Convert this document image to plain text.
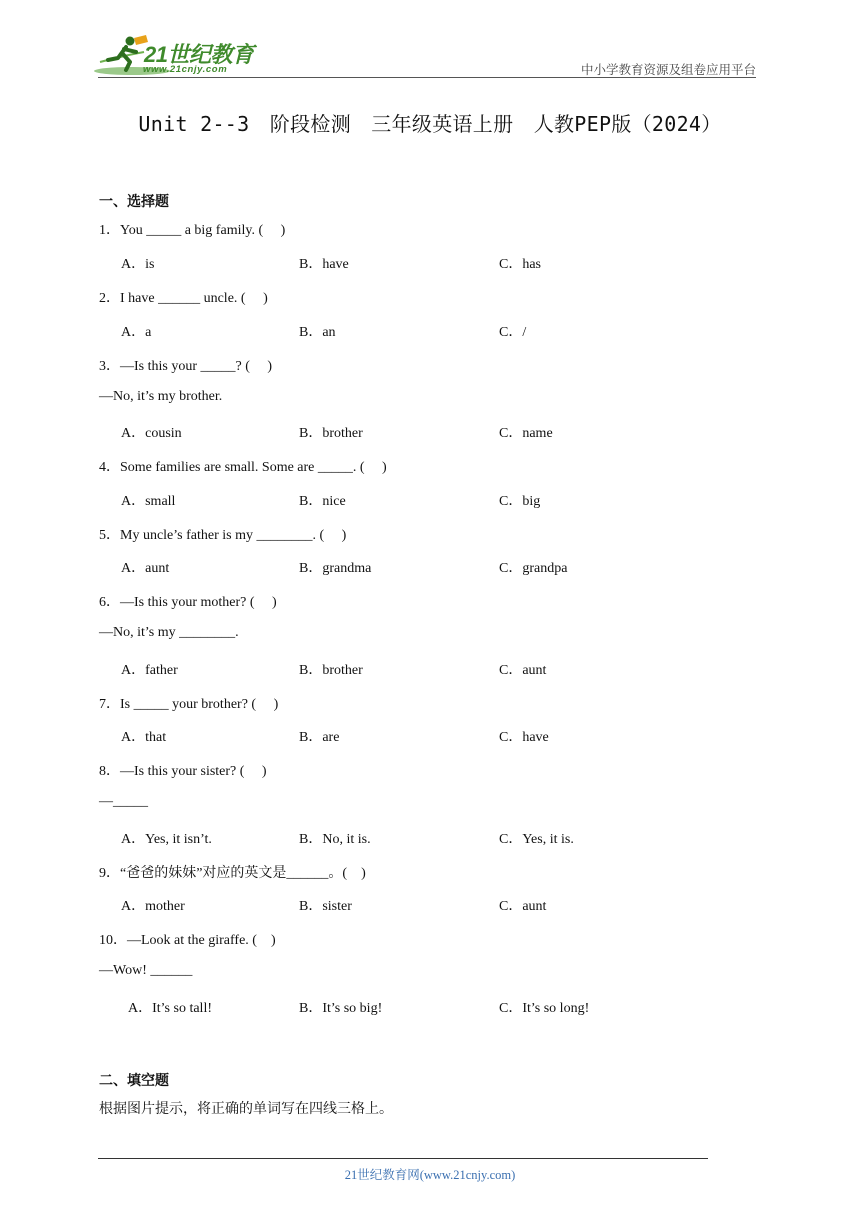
21世纪教育
www.21cnjy.com	中小学教育资源及组卷应用平台
Unit 2--3　阶段检测　三年级英语上册　人教PEP版（2024）
一、选择题
1．You _____ a big family. (　 )
A．is	B．have	C．has
2．I have ______ uncle. (　 )
A．a	B．an	C．/
3．—Is this your _____? (　 )
—No, it’s my brother.
A．cousin	B．brother	C．name
4．Some families are small. Some are _____. (　 )
A．small	B．nice	C．big
5．My uncle’s father is my ________. (　 )
A．aunt	B．grandma	C．grandpa
6．—Is this your mother? (　 )
—No, it’s my ________.
A．father	B．brother	C．aunt
7．Is _____ your brother? (　 )
A．that	B．are	C．have
8．—Is this your sister? (　 )
—_____
A．Yes, it isn’t.	B．No, it is.	C．Yes, it is.
9．“爸爸的妹妹”对应的英文是______。(　)
A．mother	B．sister	C．aunt
10．—Look at the giraffe. (　)
—Wow! ______
A．It’s so tall!	B．It’s so big!	C．It’s so long!
二、填空题
根据图片提示，将正确的单词写在四线三格上。
21世纪教育网(www.21cnjy.com)
